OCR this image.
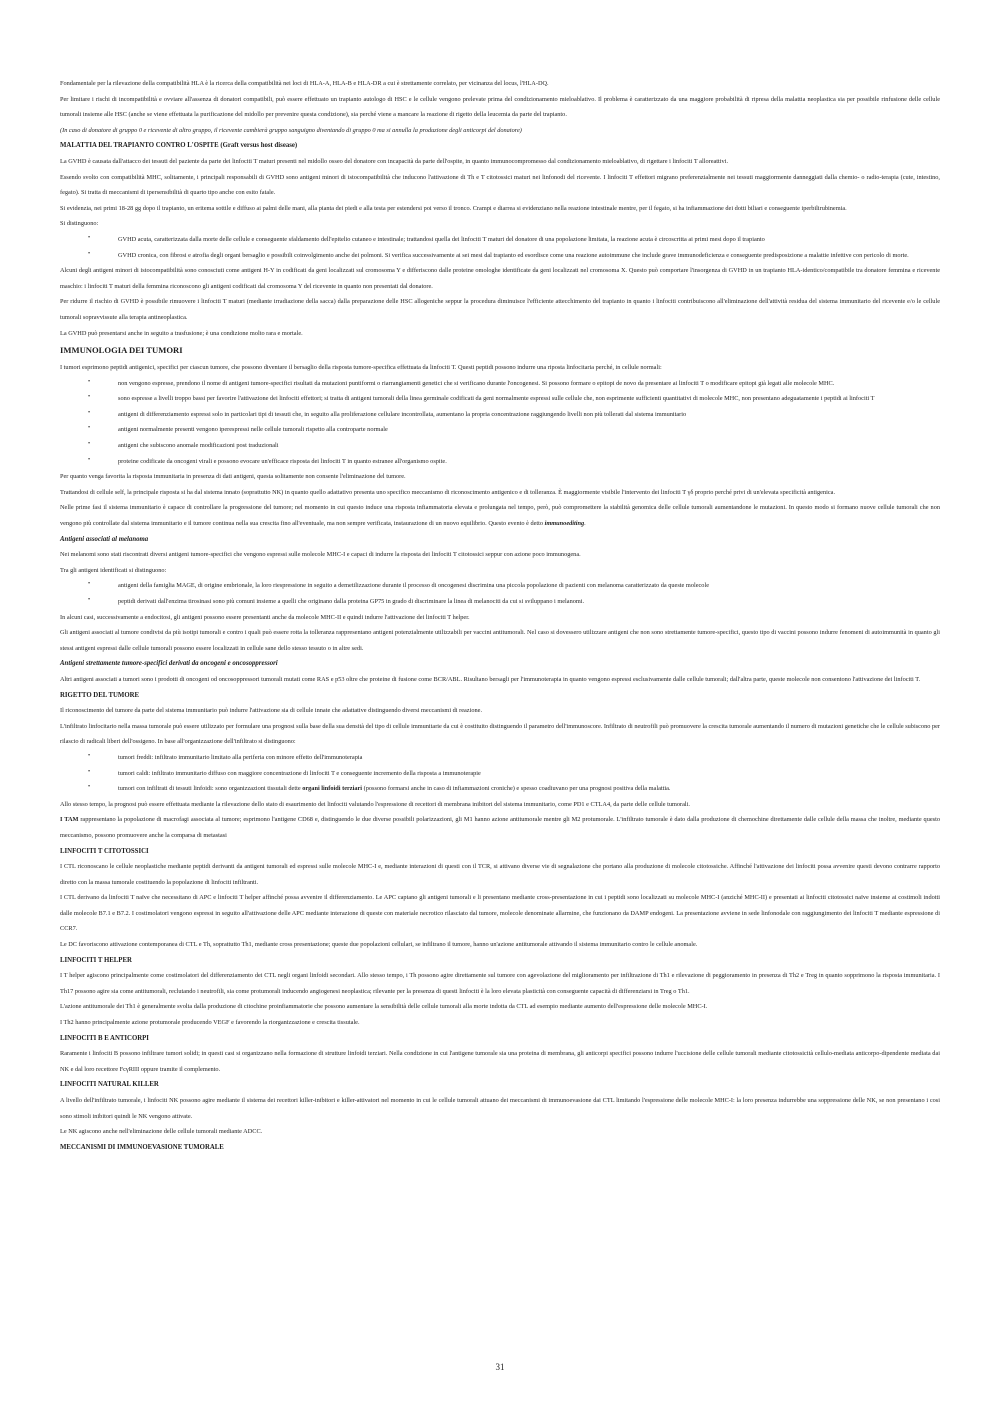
Fondamentale per la rilevazione della compatibilità HLA è la ricerca della compatibilità nei loci di HLA-A, HLA-B e HLA-DR a cui è strettamente correlato, per vicinanza del locus, l'HLA-DQ.

Per limitare i rischi di incompatibilità e ovviare all'assenza di donatori compatibili, può essere effettuato un trapianto autologo di HSC e le cellule vengono prelevate prima del condizionamento mieloablativo. Il problema è caratterizzato da una maggiore probabilità di ripresa della malattia neoplastica sia per possibile rinfusione delle cellule tumorali insieme alle HSC (anche se viene effettuata la purificazione del midollo per prevenire questa condizione), sia perché viene a mancare la reazione di rigetto della leucemia da parte del trapianto.

(In caso di donatore di gruppo 0 e ricevente di altro gruppo, il ricevente cambierà gruppo sanguigno diventando di gruppo 0 ma si annulla la produzione degli anticorpi del donatore)

MALATTIA DEL TRAPIANTO CONTRO L'OSPITE (Graft versus host disease)

La GVHD è causata dall'attacco dei tessuti del paziente da parte dei linfociti T maturi presenti nel midollo osseo del donatore con incapacità da parte dell'ospite, in quanto immunocompromesso dal condizionamento mieloablativo, di rigettare i linfociti T alloreattivi.

Essendo svolto con compatibilità MHC, solitamente, i principali responsabili di GVHD sono antigeni minori di istocompatibilità che inducono l'attivazione di Th e T citotossici maturi nei linfonodi del ricevente. I linfociti T effettori migrano preferenzialmente nei tessuti maggiormente danneggiati dalla chemio- o radio-terapia (cute, intestino, fegato). Si tratta di meccanismi di ipersensibilità di quarto tipo anche con esito fatale.

Si evidenzia, nei primi 18-28 gg dopo il trapianto, un eritema sottile e diffuso ai palmi delle mani, alla pianta dei piedi e alla testa per estendersi poi verso il tronco. Crampi e diarrea si evidenziano nella reazione intestinale mentre, per il fegato, si ha infiammazione dei dotti biliari e conseguente iperbilirubinemia.

Si distinguono:

• GVHD acuta, caratterizzata dalla morte delle cellule e conseguente sfaldamento dell'epitelio cutaneo e intestinale; trattandosi quella dei linfociti T maturi del donatore di una popolazione limitata, la reazione acuta è circoscritta ai primi mesi dopo il trapianto
• GVHD cronica, con fibrosi e atrofia degli organi bersaglio e possibili coinvolgimento anche dei polmoni. Si verifica successivamente ai sei mesi dal trapianto ed esordisce come una reazione autoimmune che include grave immunodeficienza e conseguente predisposizione a malattie infettive con pericolo di morte.

Alcuni degli antigeni minori di istocompatibilità sono conosciuti come antigeni H-Y in codificati da geni localizzati sul cromosoma Y e differiscono dalle proteine omologhe identificate da geni localizzati nel cromosoma X. Questo può comportare l'insorgenza di GVHD in un trapianto HLA-identico/compatibile tra donatore femmina e ricevente maschio: i linfociti T maturi della femmina riconoscono gli antigeni codificati dal cromosoma Y del ricevente in quanto non presentati dal donatore.

Per ridurre il rischio di GVHD è possibile rimuovere i linfociti T maturi (mediante irradiazione della sacca) dalla preparazione delle HSC allogeniche seppur la procedura diminuisce l'efficiente attecchimento del trapianto in quanto i linfociti contribuiscono all'eliminazione dell'attività residua del sistema immunitario del ricevente e/o le cellule tumorali sopravvissute alla terapia antineoplastica.

La GVHD può presentarsi anche in seguito a trasfusione; è una condizione molto rara e mortale.

IMMUNOLOGIA DEI TUMORI

I tumori esprimono peptidi antigenici, specifici per ciascun tumore, che possono diventare il bersaglio della risposta tumore-specifica effettuata da linfociti T. Questi peptidi possono indurre una riposta linfocitaria perché, in cellule normali:

• non vengono espresse, prendono il nome di antigeni tumore-specifici risultati da mutazioni puntiformi o riarrangiamenti genetici che si verificano durante l'oncogenesi. Si possono formare o epitopi de novo da presentare ai linfociti T o modificare epitopi già legati alle molecole MHC.
• sono espresse a livelli troppo bassi per favorire l'attivazione dei linfociti effettori; si tratta di antigeni tumorali della linea germinale codificati da geni normalmente espressi sulle cellule che, non esprimente sufficienti quantitativi di molecole MHC, non presentano adeguatamente i peptidi ai linfociti T
• antigeni di differenziamento espressi solo in particolari tipi di tessuti che, in seguito alla proliferazione cellulare incontrollata, aumentano la propria concentrazione raggiungendo livelli non più tollerati dal sistema immunitario
• antigeni normalmente presenti vengono iperespressi nelle cellule tumorali rispetto alla controparte normale
• antigeni che subiscono anomale modificazioni post traduzionali
• proteine codificate da oncogeni virali e possono evocare un'efficace risposta dei linfociti T in quanto estranee all'organismo ospite.

Per quanto venga favorita la risposta immunitaria in presenza di dati antigeni, questa solitamente non consente l'eliminazione del tumore.

Trattandosi di cellule self, la principale risposta si ha dal sistema innato (soprattutto NK) in quanto quello adattativo presenta uno specifico meccanismo di riconoscimento antigenico e di tolleranza. È maggiormente visibile l'intervento dei linfociti T γδ proprio perché privi di un'elevata specificità antigenica.

Nelle prime fasi il sistema immunitario è capace di controllare la progressione del tumore; nel momento in cui questo induce una risposta infiammatoria elevata e prolungata nel tempo, però, può compromettere la stabilità genomica delle cellule tumorali aumentandone le mutazioni. In questo modo si formano nuove cellule tumorali che non vengono più controllate dal sistema immunitario e il tumore continua nella sua crescita fino all'eventuale, ma non sempre verificata, instaurazione di un nuovo equilibrio. Questo evento è detto immunoediting.

Antigeni associati al melanoma

Nei melanomi sono stati riscontrati diversi antigeni tumore-specifici che vengono espressi sulle molecole MHC-I e capaci di indurre la risposta dei linfociti T citotossici seppur con azione poco immunogena.

Tra gli antigeni identificati si distinguono:

• antigeni della famiglia MAGE, di origine embrionale, la loro riespressione in seguito a demetilizzazione durante il processo di oncogenesi discrimina una piccola popolazione di pazienti con melanoma caratterizzato da queste molecole
• peptidi derivati dall'enzima tirosinasi sono più comuni insieme a quelli che originano dalla proteina GP75 in grado di discriminare la linea di melanociti da cui si sviluppano i melanomi.

In alcuni casi, successivamente a endocitosi, gli antigeni possono essere presentanti anche da molecole MHC-II e quindi indurre l'attivazione dei linfociti T helper.

Gli antigeni associati al tumore condivisi da più isotipi tumorali e contro i quali può essere rotta la tolleranza rappresentano antigeni potenzialmente utilizzabili per vaccini antitumorali. Nel caso si dovessero utilizzare antigeni che non sono strettamente tumore-specifici, questo tipo di vaccini possono indurre fenomeni di autoimmunità in quanto gli stessi antigeni espressi dalle cellule tumorali possono essere localizzati in cellule sane dello stesso tessuto o in altre sedi.

Antigeni strettamente tumore-specifici derivati da oncogeni e oncosoppressori

Altri antigeni associati a tumori sono i prodotti di oncogeni od oncosoppressori tumorali mutati come RAS e p53 oltre che proteine di fusione come BCR/ABL. Risultano bersagli per l'immunoterapia in quanto vengono espressi esclusivamente dalle cellule tumorali; dall'altra parte, queste molecole non consentono l'attivazione dei linfociti T.

RIGETTO DEL TUMORE

Il riconoscimento del tumore da parte del sistema immunitario può indurre l'attivazione sia di cellule innate che adattative distinguendo diversi meccanismi di reazione.

L'infiltrato linfocitario nella massa tumorale può essere utilizzato per formulare una prognosi sulla base della sua densità del tipo di cellule immunitarie da cui è costituito distinguendo il parametro dell'immunoscore. Infiltrato di neutrofili può promuovere la crescita tumorale aumentando il numero di mutazioni genetiche che le cellule subiscono per rilascio di radicali liberi dell'ossigeno. In base all'organizzazione dell'infiltrato si distinguono:

• tumori freddi: infiltrato immunitario limitato alla periferia con minore effetto dell'immunoterapia
• tumori caldi: infiltrato immunitario diffuso con maggiore concentrazione di linfociti T e conseguente incremento della risposta a immunoterapie
• tumori con infiltrati di tessuti linfoidi: sono organizzazioni tissutali dette organi linfoidi terziari (possono formarsi anche in caso di infiammazioni croniche) e spesso coadiuvano per una prognosi positiva della malattia.

Allo stesso tempo, la prognosi può essere effettuata mediante la rilevazione dello stato di esaurimento dei linfociti valutando l'espressione di recettori di membrana inibitori del sistema immunitario, come PD1 e CTLA4, da parte delle cellule tumorali.

I TAM rappresentano la popolazione di macrofagi associata al tumore; esprimono l'antigene CD68 e, distinguendo le due diverse possibili polarizzazioni, gli M1 hanno azione antitumorale mentre gli M2 protumorale. L'infiltrato tumorale è dato dalla produzione di chemochine direttamente dalle cellule della massa che inoltre, mediante questo meccanismo, possono promuovere anche la comparsa di metastasi

LINFOCITI T CITOTOSSICI

I CTL riconoscano le cellule neoplastiche mediante peptidi derivanti da antigeni tumorali ed espressi sulle molecole MHC-I e, mediante interazioni di questi con il TCR, si attivano diverse vie di segnalazione che portano alla produzione di molecole citotossiche. Affinché l'attivazione dei linfociti possa avvenire questi devono contrarre rapporto diretto con la massa tumorale costituendo la popolazione di linfociti infiltranti.

I CTL derivano da linfociti T naïve che necessitano di APC e linfociti T helper affinché possa avvenire il differenziamento. Le APC captano gli antigeni tumorali e li presentano mediante cross-presentazione in cui i peptidi sono localizzati su molecole MHC-I (anziché MHC-II) e presentati ai linfociti citotossici naïve insieme ai costimoli indotti dalle molecole B7.1 e B7.2. I costimolatori vengono espressi in seguito all'attivazione delle APC mediante interazione di queste con materiale necrotico rilasciato dal tumore, molecole denominate allarmine, che funzionano da DAMP endogeni. La presentazione avviene in sede linfonodale con raggiungimento dei linfociti T mediante espressione di CCR7.

Le DC favoriscono attivazione contemporanea di CTL e Th, soprattutto Th1, mediante cross presentazione; queste due popolazioni cellulari, se infiltrano il tumore, hanno un'azione antitumorale attivando il sistema immunitario contro le cellule anomale.

LINFOCITI T HELPER

I T helper agiscono principalmente come costimolatori del differenziamento dei CTL negli organi linfoidi secondari. Allo stesso tempo, i Th possono agire direttamente sul tumore con agevolazione del miglioramento per infiltrazione di Th1 e rilevazione di peggioramento in presenza di Th2 e Treg in quanto sopprimono la risposta immunitaria. I Th17 possono agire sia come antitumorali, reclutando i neutrofili, sia come protumorali inducendo angiogenesi neoplastica; rilevante per la presenza di questi linfociti è la loro elevata plasticità con conseguente capacità di differenziarsi in Treg o Th1.

L'azione antitumorale dei Th1 è generalmente svolta dalla produzione di citochine proinfiammatorie che possono aumentare la sensibilità delle cellule tumorali alla morte indotta da CTL ad esempio mediante aumento dell'espressione delle molecole MHC-I.

I Th2 hanno principalmente azione protumorale producendo VEGF e favorendo la riorganizzazione e crescita tissutale.

LINFOCITI B E ANTICORPI

Raramente i linfociti B possono infiltrare tumori solidi; in questi casi si organizzano nella formazione di strutture linfoidi terziari. Nella condizione in cui l'antigene tumorale sia una proteina di membrana, gli anticorpi specifici possono indurre l'uccisione delle cellule tumorali mediante citotossicità cellulo-mediata anticorpo-dipendente mediata dai NK e dal loro recettore FcγRIII oppure tramite il complemento.

LINFOCITI NATURAL KILLER

A livello dell'infiltrato tumorale, i linfociti NK possono agire mediante il sistema dei recettori killer-inibitori e killer-attivatori nel momento in cui le cellule tumorali attuano dei meccanismi di immunoevasione dai CTL limitando l'espressione delle molecole MHC-I: la loro presenza indurrebbe una soppressione delle NK, se non presentano i cosi sono stimoli inibitori quindi le NK vengono attivate.

Le NK agiscono anche nell'eliminazione delle cellule tumorali mediante ADCC.

MECCANISMI DI IMMUNOEVASIONE TUMORALE

31
